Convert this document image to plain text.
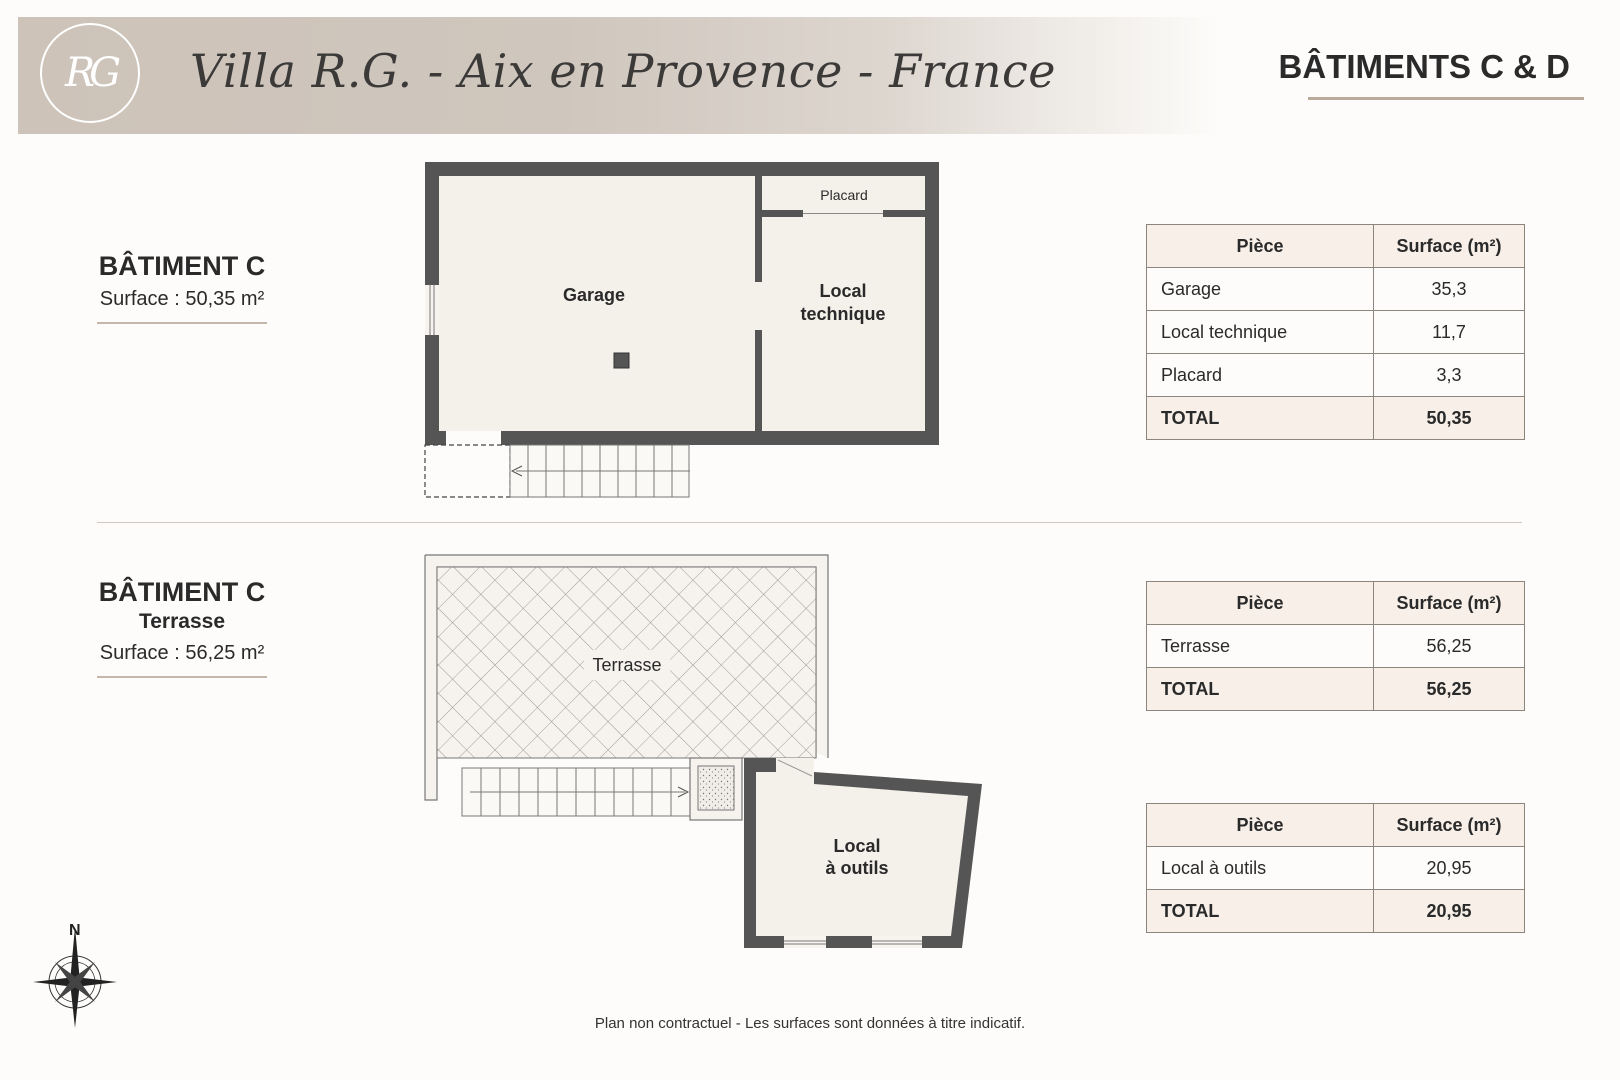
RG	Villa R.G. - Aix en Provence - France	BÂTIMENTS C & D
BÂTIMENT C
Surface : 50,35 m²
BÂTIMENT C
Terrasse
Surface : 56,25 m²
Placard
Garage	Local
technique
Terrasse
Local
à outils
N
Pièce	Surface (m²)
Garage	35,3
Local technique	11,7
Placard	3,3
TOTAL	50,35
Pièce	Surface (m²)
Terrasse	56,25
TOTAL	56,25
Pièce	Surface (m²)
Local à outils	20,95
TOTAL	20,95
Plan non contractuel - Les surfaces sont données à titre indicatif.
